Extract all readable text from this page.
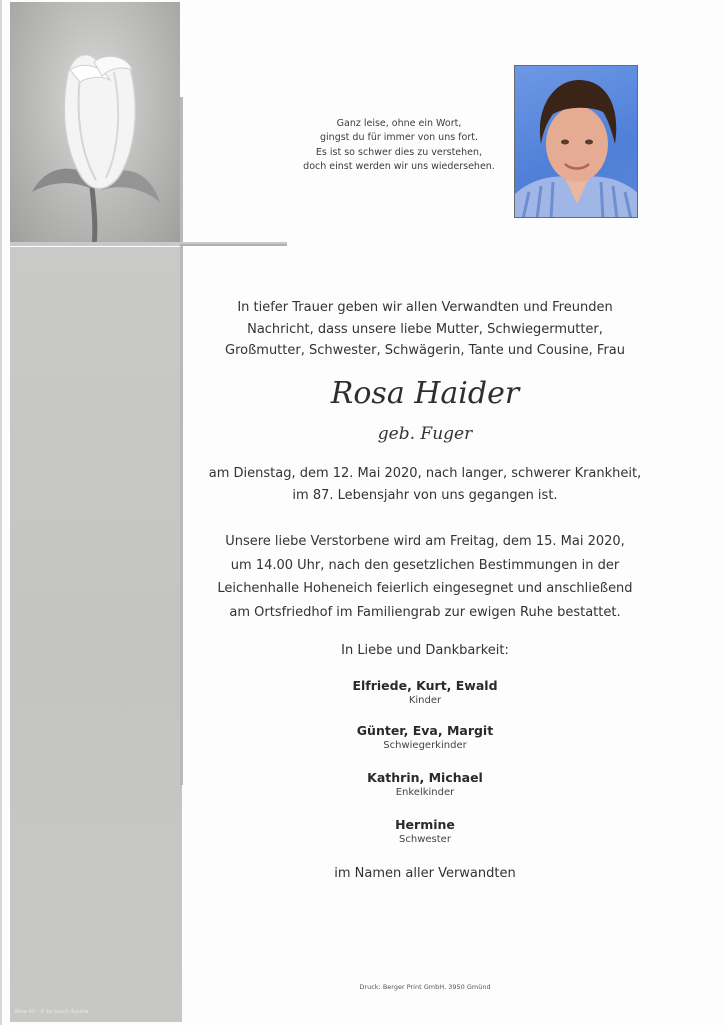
Ganz leise, ohne ein Wort,

gingst du für immer von uns fort.

Es ist so schwer dies zu verstehen,

doch einst werden wir uns wiedersehen.

In tiefer Trauer geben wir allen Verwandten und Freunden

Nachricht, dass unsere liebe Mutter, Schwiegermutter,

Großmutter, Schwester, Schwägerin, Tante und Cousine, Frau

Rosa Haider
geb. Fuger

am Dienstag, dem 12. Mai 2020, nach langer, schwerer Krankheit,

im 87. Lebensjahr von uns gegangen ist.

Unsere liebe Verstorbene wird am Freitag, dem 15. Mai 2020,

um 14.00 Uhr, nach den gesetzlichen Bestimmungen in der

Leichenhalle Hoheneich feierlich eingesegnet und anschließend

am Ortsfriedhof im Familiengrab zur ewigen Ruhe bestattet.

In Liebe und Dankbarkeit:
Elfriede, Kurt, Ewald
Kinder
Günter, Eva, Margit
Schwiegerkinder
Kathrin, Michael
Enkelkinder
Hermine
Schwester
im Namen aller Verwandten
Druck: Berger Print GmbH, 3950 Gmünd
Rose 40 - © by Leach Austria
